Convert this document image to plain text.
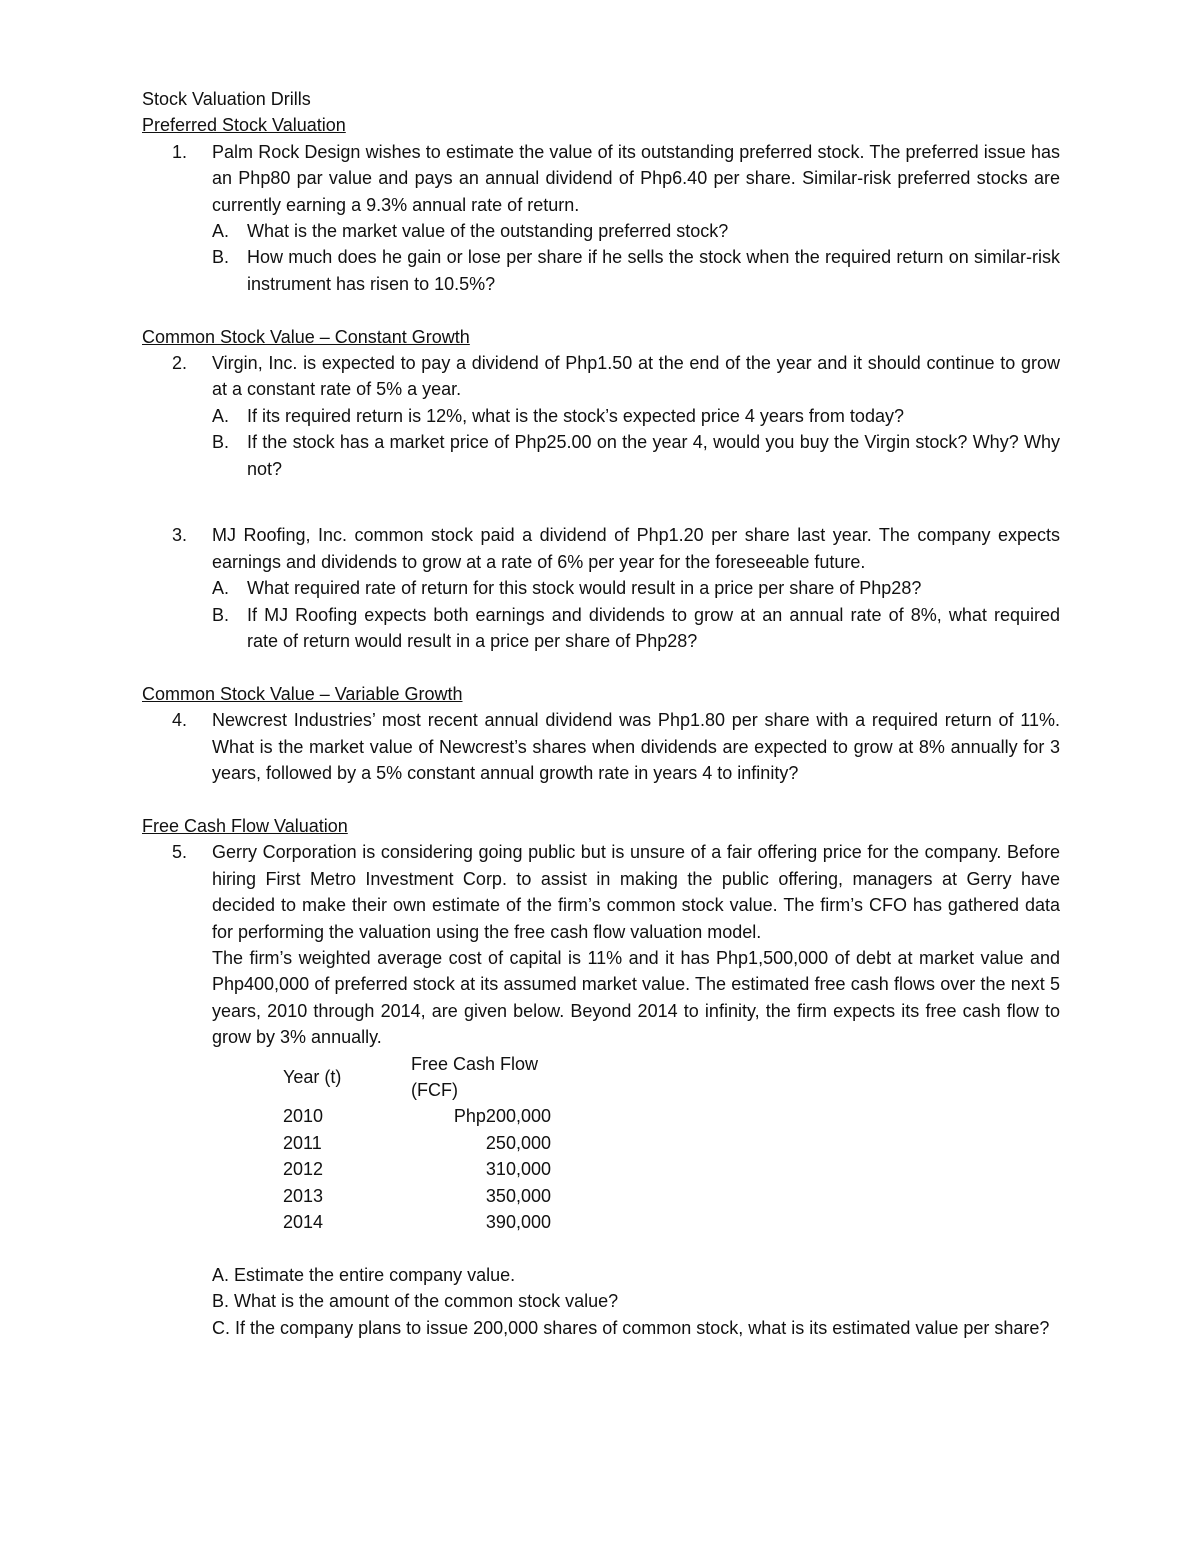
Stock Valuation Drills

Preferred Stock Valuation

1.	Palm Rock Design wishes to estimate the value of its outstanding preferred stock. The preferred issue has an Php80 par value and pays an annual dividend of Php6.40 per share. Similar-risk preferred stocks are currently earning a 9.3% annual rate of return.

A. What is the market value of the outstanding preferred stock?
B. How much does he gain or lose per share if he sells the stock when the required return on similar-risk instrument has risen to 10.5%?

Common Stock Value – Constant Growth

2.	Virgin, Inc. is expected to pay a dividend of Php1.50 at the end of the year and it should continue to grow at a constant rate of 5% a year.

A. If its required return is 12%, what is the stock’s expected price 4 years from today?
B. If the stock has a market price of Php25.00 on the year 4, would you buy the Virgin stock? Why? Why not?
3.	MJ Roofing, Inc. common stock paid a dividend of Php1.20 per share last year. The company expects earnings and dividends to grow at a rate of 6% per year for the foreseeable future.

A. What required rate of return for this stock would result in a price per share of Php28?
B. If MJ Roofing expects both earnings and dividends to grow at an annual rate of 8%, what required rate of return would result in a price per share of Php28?

Common Stock Value – Variable Growth

4.	Newcrest Industries’ most recent annual dividend was Php1.80 per share with a required return of 11%. What is the market value of Newcrest’s shares when dividends are expected to grow at 8% annually for 3 years, followed by a 5% constant annual growth rate in years 4 to infinity?

Free Cash Flow Valuation

5.	Gerry Corporation is considering going public but is unsure of a fair offering price for the company. Before hiring First Metro Investment Corp. to assist in making the public offering, managers at Gerry have decided to make their own estimate of the firm’s common stock value. The firm’s CFO has gathered data for performing the valuation using the free cash flow valuation model.

The firm’s weighted average cost of capital is 11% and it has Php1,500,000 of debt at market value and Php400,000 of preferred stock at its assumed market value. The estimated free cash flows over the next 5 years, 2010 through 2014, are given below. Beyond 2014 to infinity, the firm expects its free cash flow to grow by 3% annually.

Year (t)	Free Cash Flow (FCF)
2010	Php200,000
2011	250,000
2012	310,000
2013	350,000
2014	390,000

A. Estimate the entire company value.

B. What is the amount of the common stock value?

C. If the company plans to issue 200,000 shares of common stock, what is its estimated value per share?
